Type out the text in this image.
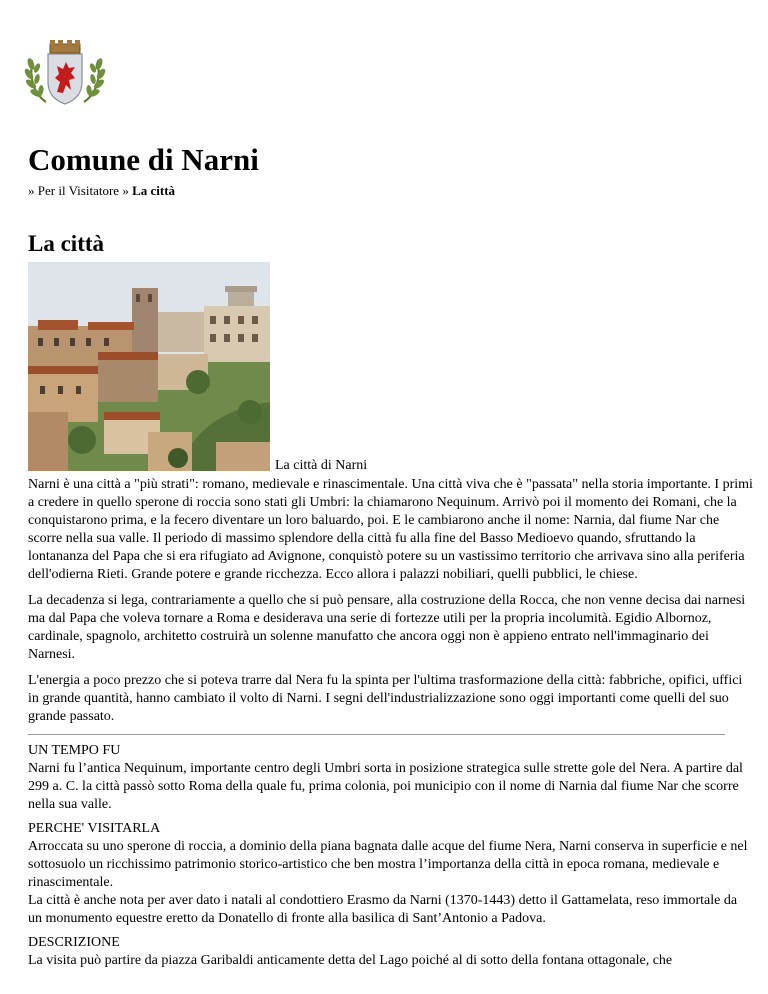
Comune di Narni
» Per il Visitatore » La città
La città
La città di Narni

Narni è una città a "più strati": romano, medievale e rinascimentale. Una città viva che è "passata" nella storia importante. I primi a credere in quello sperone di roccia sono stati gli Umbri: la chiamarono Nequinum. Arrivò poi il momento dei Romani, che la conquistarono prima, e la fecero diventare un loro baluardo, poi. E le cambiarono anche il nome: Narnia, dal fiume Nar che scorre nella sua valle. Il periodo di massimo splendore della città fu alla fine del Basso Medioevo quando, sfruttando la lontananza del Papa che si era rifugiato ad Avignone, conquistò potere su un vastissimo territorio che arrivava sino alla periferia dell'odierna Rieti. Grande potere e grande ricchezza. Ecco allora i palazzi nobiliari, quelli pubblici, le chiese.

La decadenza si lega, contrariamente a quello che si può pensare, alla costruzione della Rocca, che non venne decisa dai narnesi ma dal Papa che voleva tornare a Roma e desiderava una serie di fortezze utili per la propria incolumità. Egidio Albornoz, cardinale, spagnolo, architetto costruirà un solenne manufatto che ancora oggi non è appieno entrato nell'immaginario dei Narnesi.

L'energia a poco prezzo che si poteva trarre dal Nera fu la spinta per l'ultima trasformazione della città: fabbriche, opifici, uffici in grande quantità, hanno cambiato il volto di Narni. I segni dell'industrializzazione sono oggi importanti come quelli del suo grande passato.

UN TEMPO FU
Narni fu l’antica Nequinum, importante centro degli Umbri sorta in posizione strategica sulle strette gole del Nera. A partire dal 299 a. C. la città passò sotto Roma della quale fu, prima colonia, poi municipio con il nome di Narnia dal fiume Nar che scorre nella sua valle.

PERCHE' VISITARLA
Arroccata su uno sperone di roccia, a dominio della piana bagnata dalle acque del fiume Nera, Narni conserva in superficie e nel sottosuolo un ricchissimo patrimonio storico-artistico che ben mostra l’importanza della città in epoca romana, medievale e rinascimentale.
La città è anche nota per aver dato i natali al condottiero Erasmo da Narni (1370-1443) detto il Gattamelata, reso immortale da un monumento equestre eretto da Donatello di fronte alla basilica di Sant’Antonio a Padova.

DESCRIZIONE
La visita può partire da piazza Garibaldi anticamente detta del Lago poiché al di sotto della fontana ottagonale, che
